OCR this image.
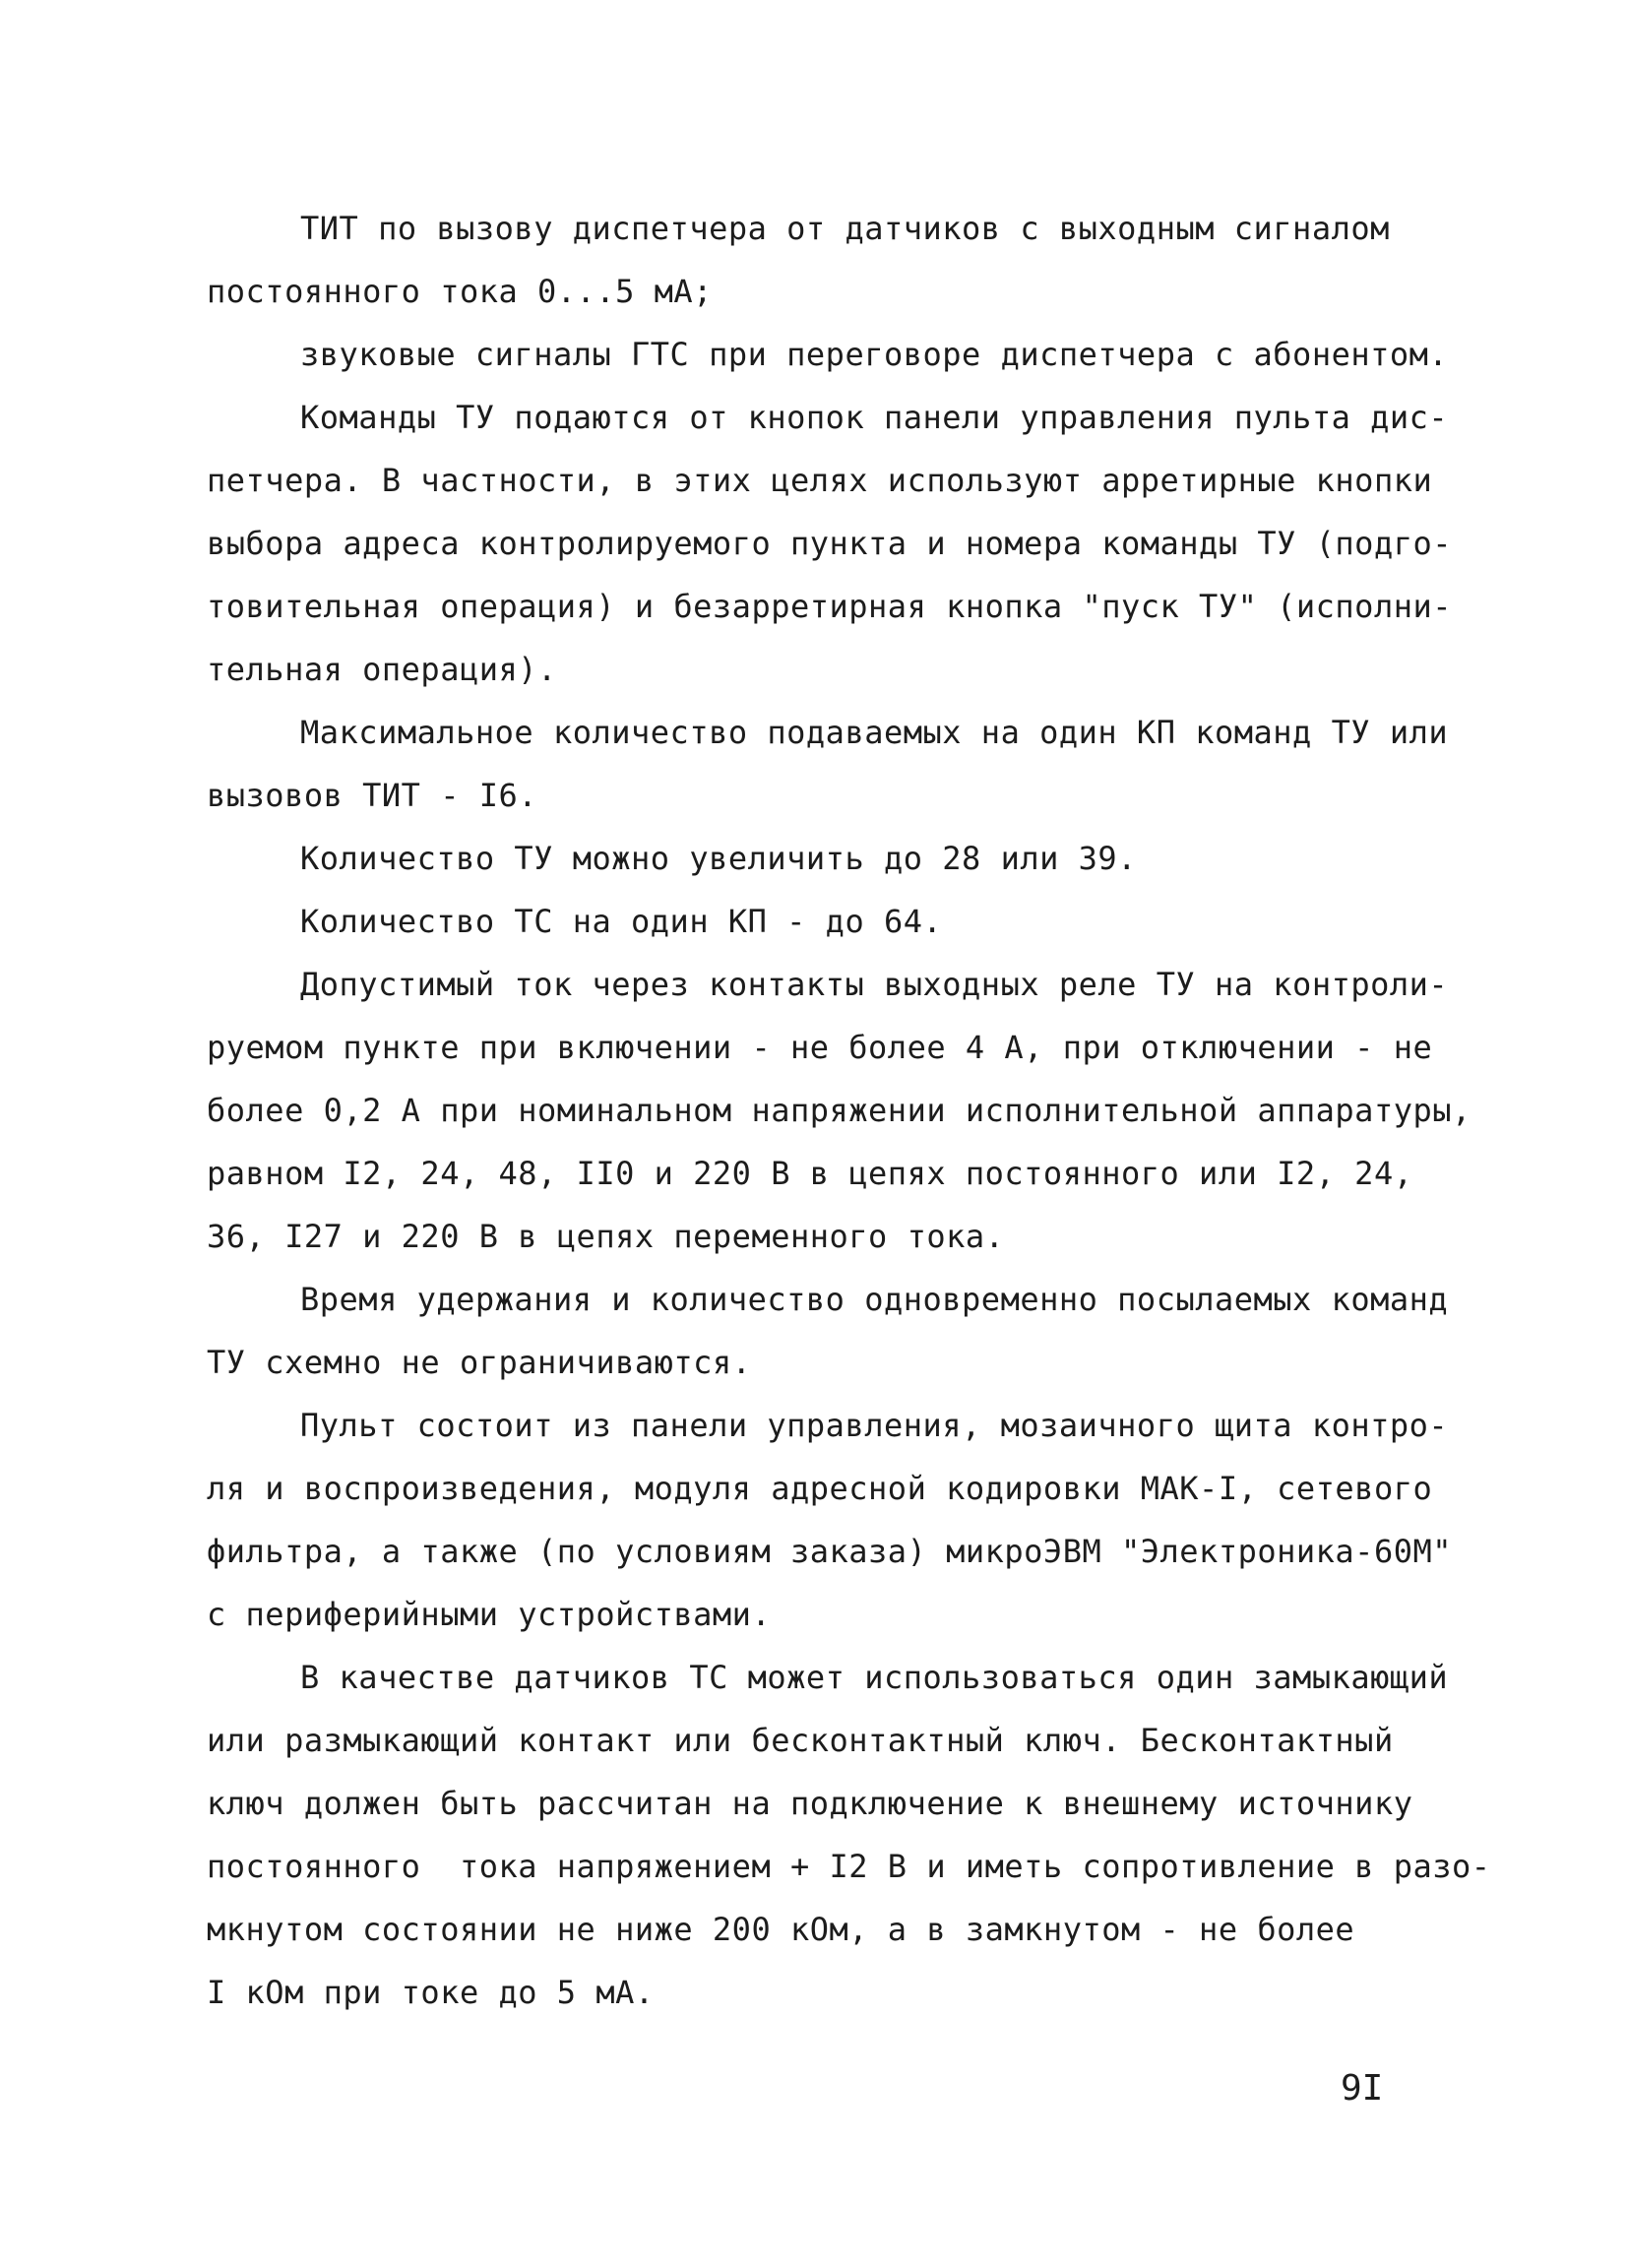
ТИТ по вызову диспетчера от датчиков с выходным сигналом
постоянного тока 0...5 мА;
звуковые сигналы ГТС при переговоре диспетчера с абонентом.
Команды ТУ подаются от кнопок панели управления пульта дис-
петчера. В частности, в этих целях используют арретирные кнопки
выбора адреса контролируемого пункта и номера команды ТУ (подго-
товительная операция) и безарретирная кнопка "пуск ТУ" (исполни-
тельная операция).
Максимальное количество подаваемых на один КП команд ТУ или
вызовов ТИТ - I6.
Количество ТУ можно увеличить до 28 или 39.
Количество ТС на один КП - до 64.
Допустимый ток через контакты выходных реле ТУ на контроли-
руемом пункте при включении - не более 4 А, при отключении - не
более 0,2 А при номинальном напряжении исполнительной аппаратуры,
равном I2, 24, 48, II0 и 220 В в цепях постоянного или I2, 24,
36, I27 и 220 В в цепях переменного тока.
Время удержания и количество одновременно посылаемых команд
ТУ схемно не ограничиваются.
Пульт состоит из панели управления, мозаичного щита контро-
ля и воспроизведения, модуля адресной кодировки МАК-I, сетевого
фильтра, а также (по условиям заказа) микроЭВМ "Электроника-60М"
с периферийными устройствами.
В качестве датчиков ТС может использоваться один замыкающий
или размыкающий контакт или бесконтактный ключ. Бесконтактный
ключ должен быть рассчитан на подключение к внешнему источнику
постоянного  тока напряжением + I2 В и иметь сопротивление в разо-
мкнутом состоянии не ниже 200 кОм, а в замкнутом - не более
I кОм при токе до 5 мА.
9I
